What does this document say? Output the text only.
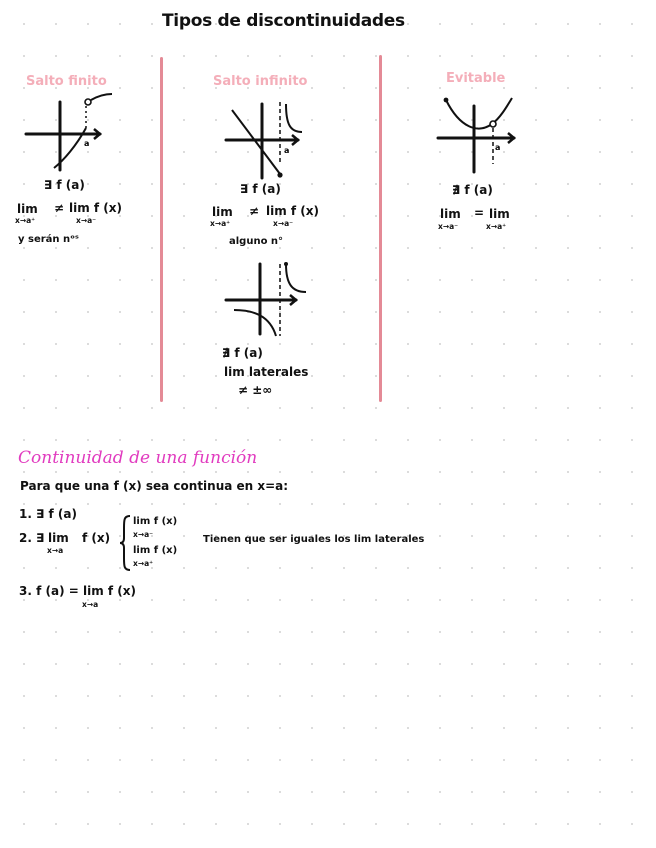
Tipos de discontinuidades
Salto finito
a
∃ f (a)
lim
x→a⁺
≠ lim f (x)
x→a⁻
y serán nᵒˢ
Salto infinito
a
∃ f (a)
lim
x→a⁺
≠ lim f (x)
x→a⁻
alguno n°
∄ f (a)
lim laterales
≠ ±∞
Evitable
a
∄ f (a)
lim
x→a⁻
= lim
x→a⁺
Continuidad de una función
Para que una f (x) sea continua en x=a:
1. ∃ f (a)
2. ∃ lim
x→a
f (x)
lim f (x)
x→a⁻
lim f (x)
x→a⁺
Tienen que ser iguales los lim laterales
3. f (a) = lim f (x)
x→a
